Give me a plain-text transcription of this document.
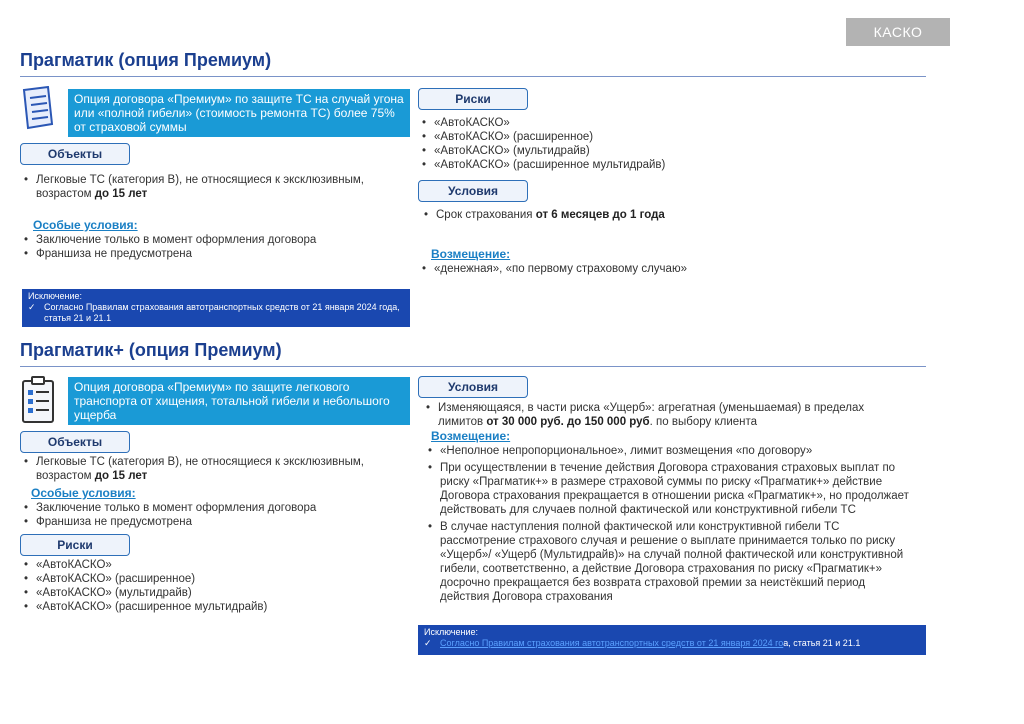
КАСКО
Прагматик (опция Премиум)
Опция договора «Премиум» по защите ТС на случай угона или «полной гибели» (стоимость ремонта ТС) более 75% от страховой суммы
Объекты
• Легковые ТС (категория В), не относящиеся к эксклюзивным, возрастом до 15 лет
Особые условия:
• Заключение только в момент оформления договора
• Франшиза не предусмотрена
Исключение:
✓ Согласно Правилам страхования автотранспортных средств от 21 января 2024 года, статья 21 и 21.1
Риски
• «АвтоКАСКО»
• «АвтоКАСКО» (расширенное)
• «АвтоКАСКО» (мультидрайв)
• «АвтоКАСКО» (расширенное мультидрайв)
Условия
• Срок страхования от 6 месяцев до 1 года
Возмещение:
• «денежная», «по первому страховому случаю»
Прагматик+ (опция Премиум)
Опция договора «Премиум» по защите легкового транспорта от хищения, тотальной гибели и небольшого ущерба
Объекты
• Легковые ТС (категория В), не относящиеся к эксклюзивным, возрастом до 15 лет
Особые условия:
• Заключение только в момент оформления договора
• Франшиза не предусмотрена
Риски
• «АвтоКАСКО»
• «АвтоКАСКО» (расширенное)
• «АвтоКАСКО» (мультидрайв)
• «АвтоКАСКО» (расширенное мультидрайв)
Условия
• Изменяющаяся, в части риска «Ущерб»: агрегатная (уменьшаемая) в пределах лимитов от 30 000 руб. до 150 000 руб. по выбору клиента
Возмещение:
• «Неполное непропорциональное», лимит возмещения «по договору»
• При осуществлении в течение действия Договора страхования страховых выплат по риску «Прагматик+» в размере страховой суммы по риску «Прагматик+» действие Договора страхования прекращается в отношении риска «Прагматик+», но продолжает действовать для случаев полной фактической или конструктивной гибели ТС
• В случае наступления полной фактической или конструктивной гибели ТС рассмотрение страхового случая и решение о выплате принимается только по риску «Ущерб»/ «Ущерб (Мультидрайв)» на случай полной фактической или конструктивной гибели, соответственно, а действие Договора страхования по риску «Прагматик+» досрочно прекращается без возврата страховой премии за неистёкший период действия Договора страхования
Исключение:
✓ Согласно Правилам страхования автотранспортных средств от 21 января 2024 гоа, статья 21 и 21.1
